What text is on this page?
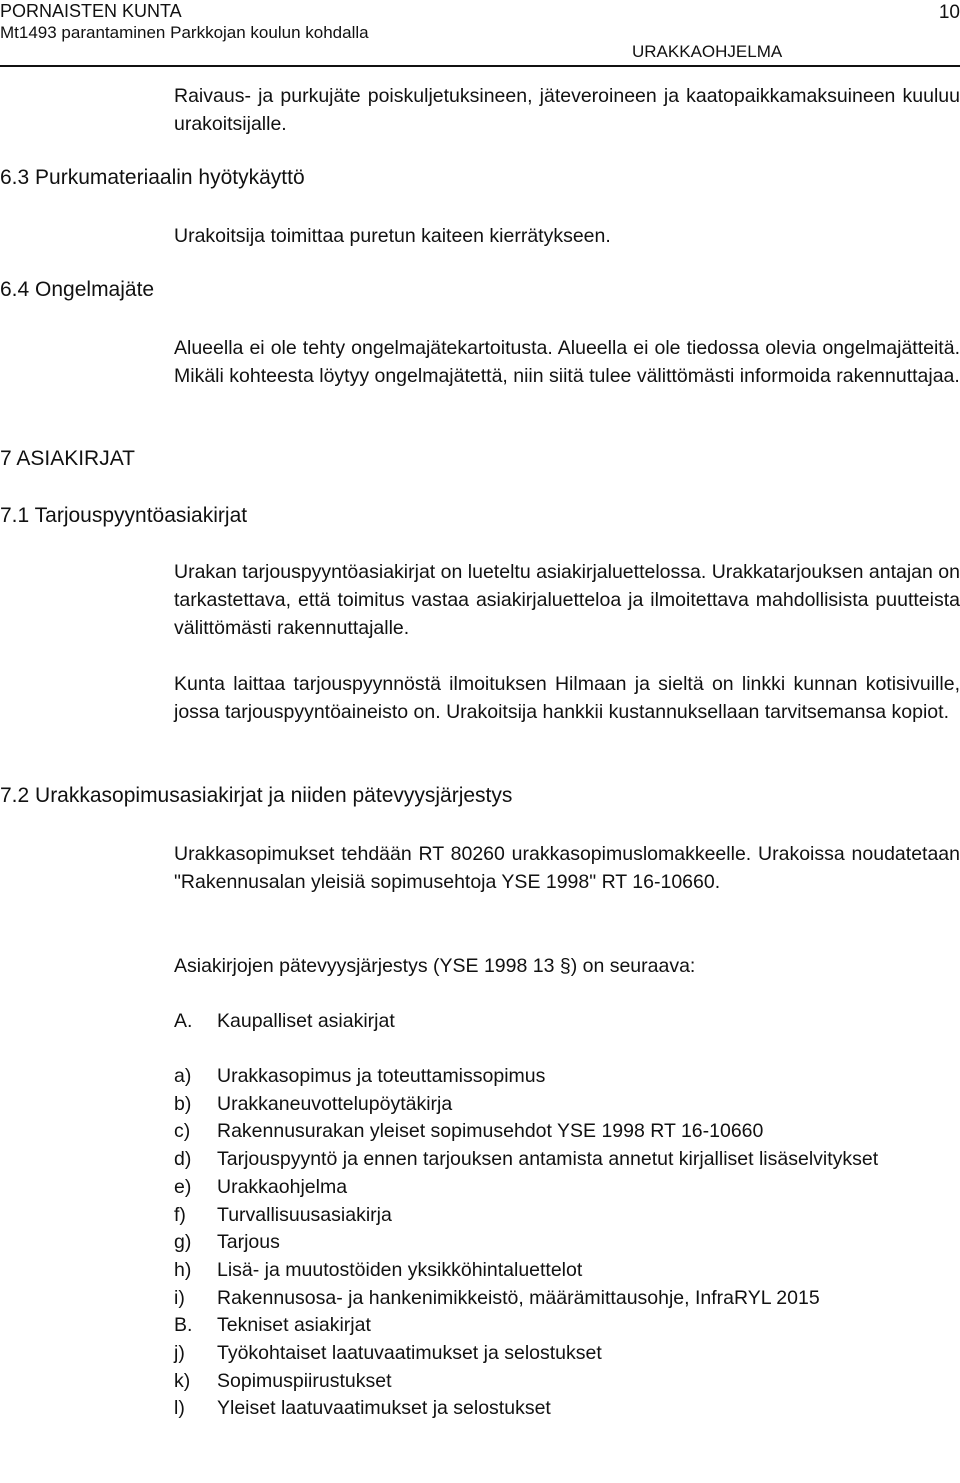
PORNAISTEN KUNTA
Mt1493 parantaminen Parkkojan koulun kohdalla
URAKKAOHJELMA
10

Raivaus- ja purkujäte poiskuljetuksineen, jäteveroineen ja kaatopaikkamaksuineen kuuluu urakoitsijalle.

6.3 Purkumateriaalin hyötykäyttö

Urakoitsija toimittaa puretun kaiteen kierrätykseen.

6.4 Ongelmajäte

Alueella ei ole tehty ongelmajätekartoitusta. Alueella ei ole tiedossa olevia ongelmajätteitä. Mikäli kohteesta löytyy ongelmajätettä, niin siitä tulee välittömästi informoida rakennuttajaa.

7 ASIAKIRJAT
7.1 Tarjouspyyntöasiakirjat

Urakan tarjouspyyntöasiakirjat on lueteltu asiakirjaluettelossa. Urakkatarjouksen antajan on tarkastettava, että toimitus vastaa asiakirjaluetteloa ja ilmoitettava mahdollisista puutteista välittömästi rakennuttajalle.

Kunta laittaa tarjouspyynnöstä ilmoituksen Hilmaan ja sieltä on linkki kunnan kotisivuille, jossa tarjouspyyntöaineisto on. Urakoitsija hankkii kustannuksellaan tarvitsemansa kopiot.

7.2 Urakkasopimusasiakirjat ja niiden pätevyysjärjestys

Urakkasopimukset tehdään RT 80260 urakkasopimuslomakkeelle. Urakoissa noudatetaan "Rakennusalan yleisiä sopimusehtoja YSE 1998" RT 16-10660.

Asiakirjojen pätevyysjärjestys (YSE 1998 13 §) on seuraava:

A.	Kaupalliset asiakirjat
a)	Urakkasopimus ja toteuttamissopimus
b)	Urakkaneuvottelupöytäkirja
c)	Rakennusurakan yleiset sopimusehdot YSE 1998 RT 16-10660
d)	Tarjouspyyntö ja ennen tarjouksen antamista annetut kirjalliset lisäselvitykset
e)	Urakkaohjelma
f)	Turvallisuusasiakirja
g)	Tarjous
h)	Lisä- ja muutostöiden yksikköhintaluettelot
i)	Rakennusosa- ja hankenimikkeistö, määrämittausohje, InfraRYL 2015
B.	Tekniset asiakirjat
j)	Työkohtaiset laatuvaatimukset ja selostukset
k)	Sopimuspiirustukset
l)	Yleiset laatuvaatimukset ja selostukset
